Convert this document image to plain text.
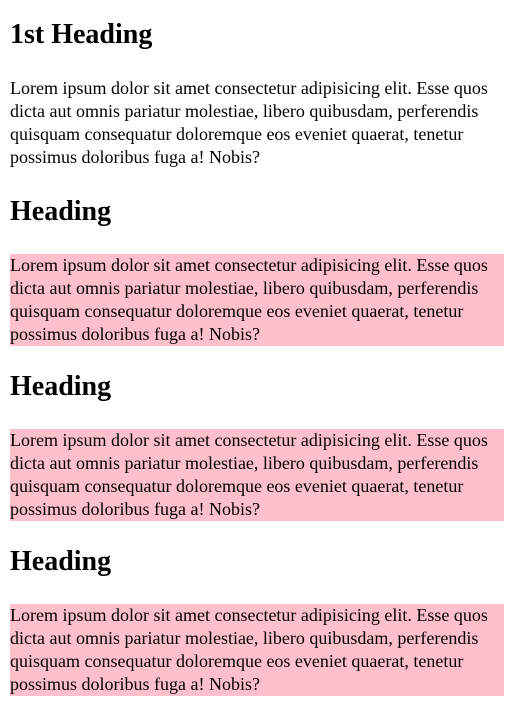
1st Heading

Lorem ipsum dolor sit amet consectetur adipisicing elit. Esse quos dicta aut omnis pariatur molestiae, libero quibusdam, perferendis quisquam consequatur doloremque eos eveniet quaerat, tenetur possimus doloribus fuga a! Nobis?

Heading

Lorem ipsum dolor sit amet consectetur adipisicing elit. Esse quos dicta aut omnis pariatur molestiae, libero quibusdam, perferendis quisquam consequatur doloremque eos eveniet quaerat, tenetur possimus doloribus fuga a! Nobis?

Heading

Lorem ipsum dolor sit amet consectetur adipisicing elit. Esse quos dicta aut omnis pariatur molestiae, libero quibusdam, perferendis quisquam consequatur doloremque eos eveniet quaerat, tenetur possimus doloribus fuga a! Nobis?

Heading

Lorem ipsum dolor sit amet consectetur adipisicing elit. Esse quos dicta aut omnis pariatur molestiae, libero quibusdam, perferendis quisquam consequatur doloremque eos eveniet quaerat, tenetur possimus doloribus fuga a! Nobis?
